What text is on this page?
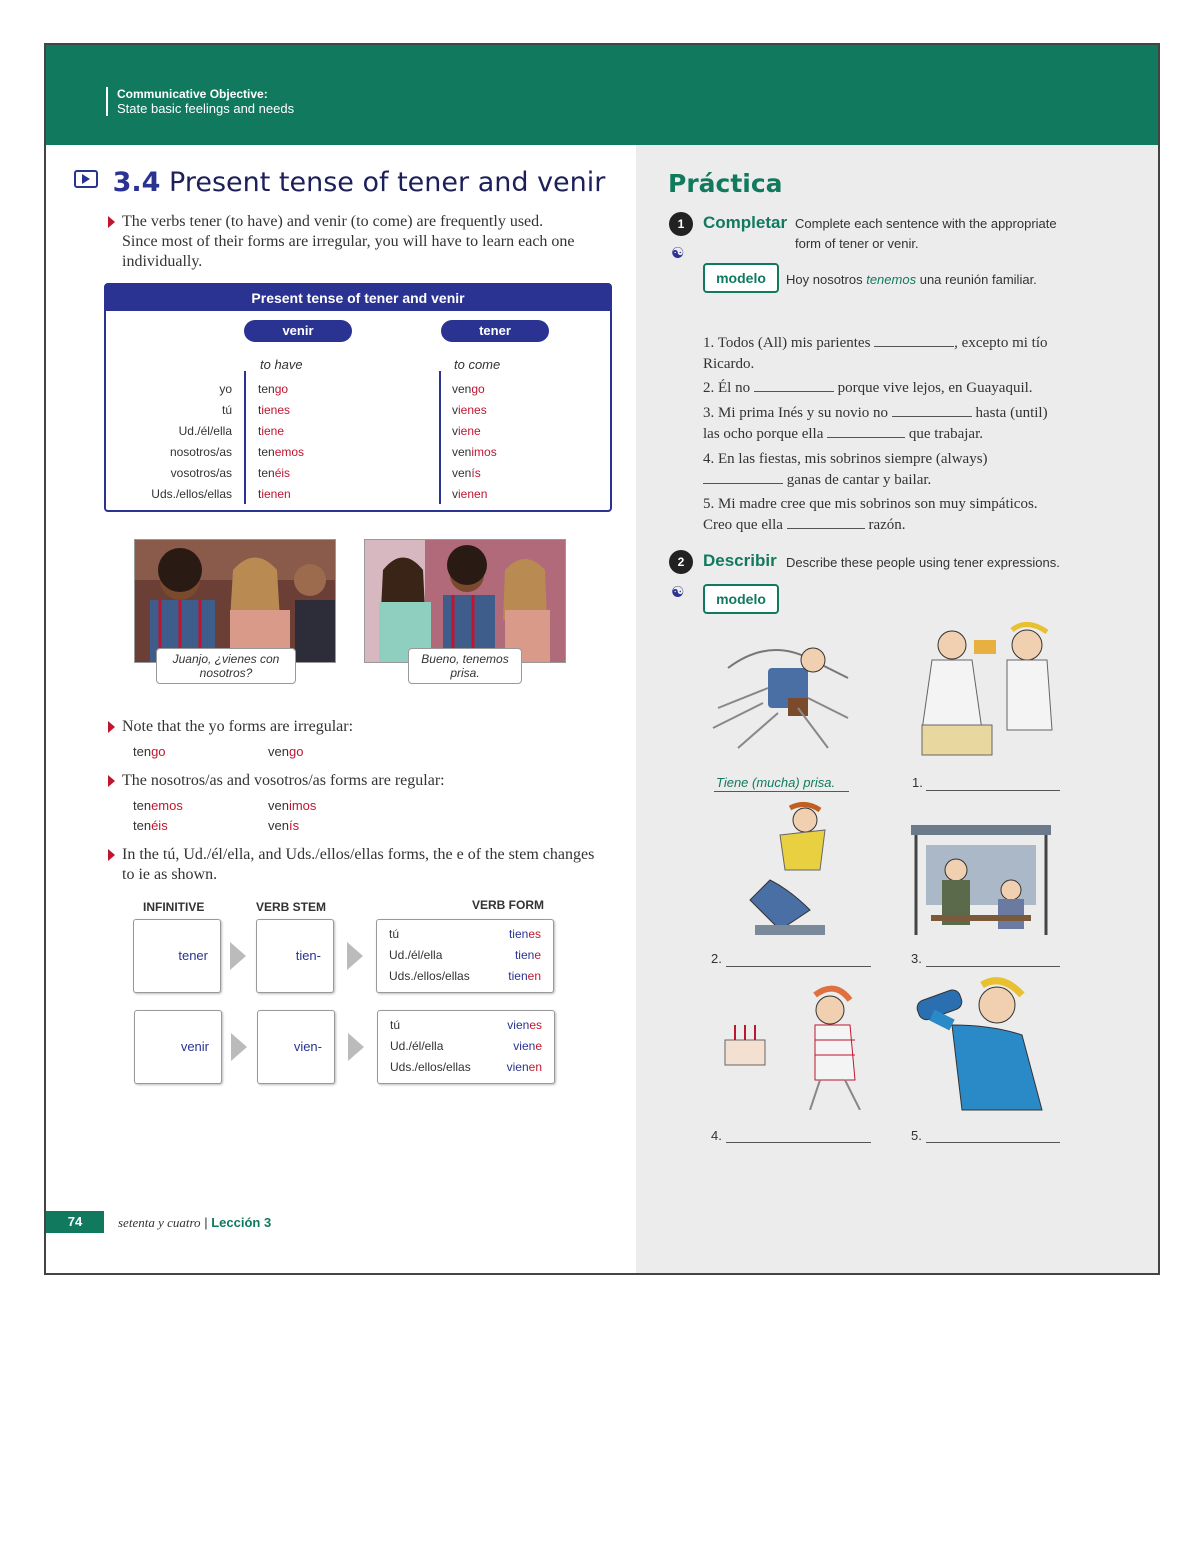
Communicative Objective:
State basic feelings and needs
3.4 Present tense of tener and venir
The verbs tener (to have) and venir (to come) are frequently used. Since most of their forms are irregular, you will have to learn each one individually.
Present tense of tener and venir
venir	tener
to have	to come
yo tengo	vengo
tú tienes	vienes
Ud./él/ella tiene	viene
nosotros/as tenemos	venimos
vosotros/as tenéis	venís
Uds./ellos/ellas tienen	vienen
Juanjo, ¿vienes con nosotros?
Bueno, tenemos prisa.
Note that the yo forms are irregular:
tengo	vengo
The nosotros/as and vosotros/as forms are regular:
tenemos	venimos
tenéis	venís
In the tú, Ud./él/ella, and Uds./ellos/ellas forms, the e of the stem changes to ie as shown.
INFINITIVE	VERB STEM	VERB FORM
tener	tien-
tú	tienes
Ud./él/ella	tiene
Uds./ellos/ellas	tienen
venir	vien-
tú	vienes
Ud./él/ella	viene
Uds./ellos/ellas	vienen
74	setenta y cuatro | Lección 3
Práctica
1	Completar Complete each sentence with the appropriate form of tener or venir.
☯
modelo	Hoy nosotros tenemos una reunión familiar.
1. Todos (All) mis parientes	, excepto mi tío Ricardo.
2. Él no	porque vive lejos, en Guayaquil.
3. Mi prima Inés y su novio no	hasta (until) las ocho porque ella	que trabajar.
4. En las fiestas, mis sobrinos siempre (always)  ganas de cantar y bailar.
5. Mi madre cree que mis sobrinos son muy simpáticos. Creo que ella	razón.
2	Describir Describe these people using tener expressions.
☯	modelo
Tiene (mucha) prisa.	1.
2.	3.
4.	5.
